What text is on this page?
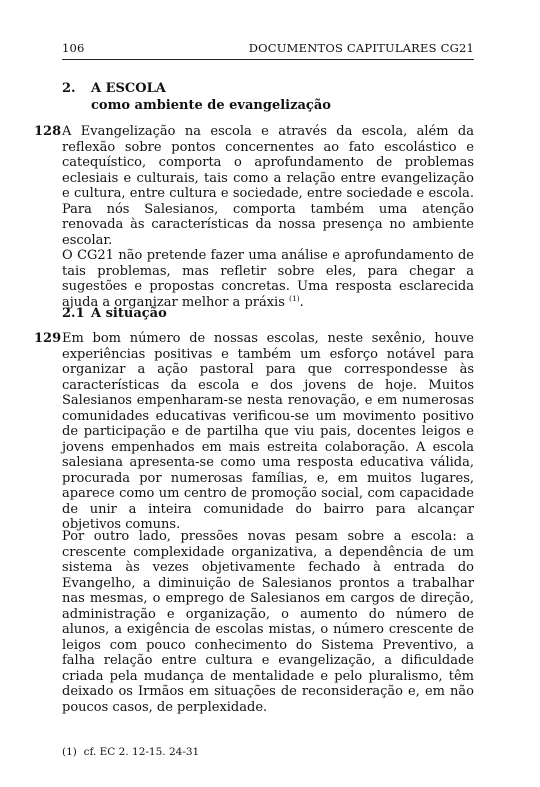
106	DOCUMENTOS CAPITULARES CG21
2. A ESCOLA
como ambiente de evangelização
128 A Evangelização na escola e através da escola, além da reflexão sobre pontos concernentes ao fato escolástico e catequístico, comporta o aprofundamento de problemas eclesiais e culturais, tais como a relação entre evangelização e cultura, entre cultura e sociedade, entre sociedade e escola. Para nós Salesianos, comporta também uma atenção renovada às características da nossa presença no ambiente escolar.

O CG21 não pretende fazer uma análise e aprofundamento de tais problemas, mas refletir sobre eles, para chegar a sugestões e propostas concretas. Uma resposta esclarecida ajuda a organizar melhor a práxis $^{(1)}$.

2.1 A situação
129 Em bom número de nossas escolas, neste sexênio, houve experiências positivas e também um esforço notável para organizar a ação pastoral para que correspondesse às características da escola e dos jovens de hoje. Muitos Salesianos empenharam-se nesta renovação, e em numerosas comunidades educativas verificou-se um movimento positivo de participação e de partilha que viu pais, docentes leigos e jovens empenhados em mais estreita colaboração. A escola salesiana apresenta-se como uma resposta educativa válida, procurada por numerosas famílias, e, em muitos lugares, aparece como um centro de promoção social, com capacidade de unir a inteira comunidade do bairro para alcançar objetivos comuns.

Por outro lado, pressões novas pesam sobre a escola: a crescente complexidade organizativa, a dependência de um sistema às vezes objetivamente fechado à entrada do Evangelho, a diminuição de Salesianos prontos a trabalhar nas mesmas, o emprego de Salesianos em cargos de direção, administração e organização, o aumento do número de alunos, a exigência de escolas mistas, o número crescente de leigos com pouco conhecimento do Sistema Preventivo, a falha relação entre cultura e evangelização, a dificuldade criada pela mudança de mentalidade e pelo pluralismo, têm deixado os Irmãos em situações de reconsideração e, em não poucos casos, de perplexidade.

(1) cf. EC 2. 12-15. 24-31
